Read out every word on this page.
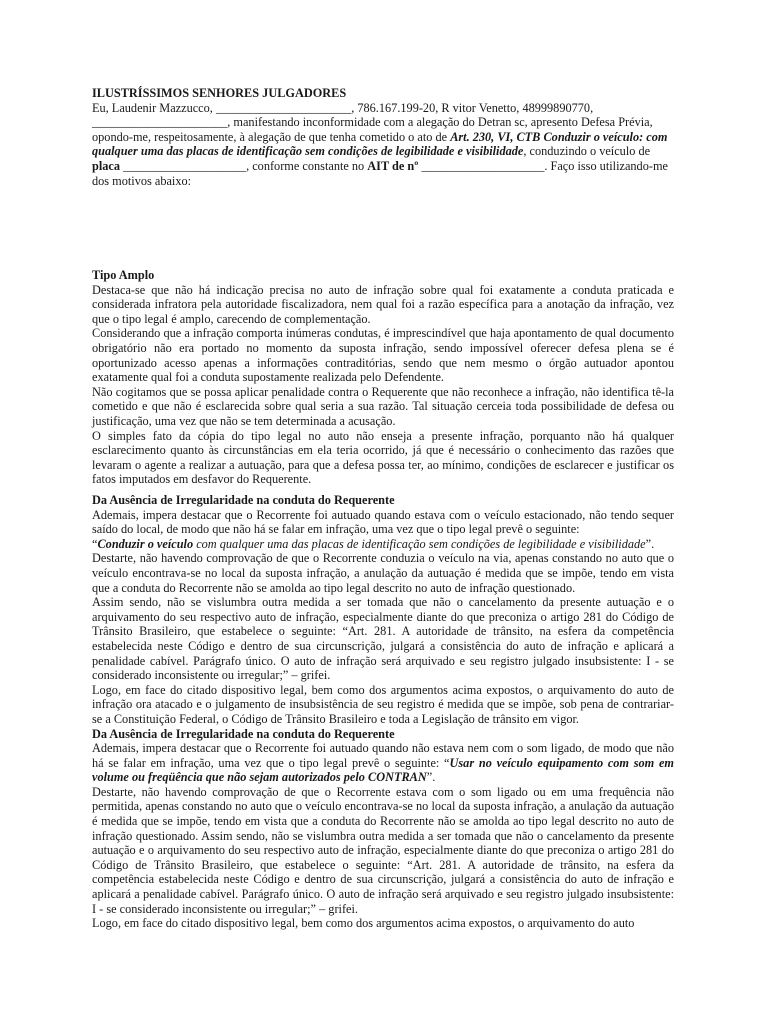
ILUSTRÍSSIMOS SENHORES JULGADORES

Eu, Laudenir Mazzucco, ______________________, 786.167.199-20, R vitor Venetto, 48999890770, ______________________, manifestando inconformidade com a alegação do Detran sc, apresento Defesa Prévia, opondo-me, respeitosamente, à alegação de que tenha cometido o ato de Art. 230, VI, CTB Conduzir o veículo: com qualquer uma das placas de identificação sem condições de legibilidade e visibilidade, conduzindo o veículo de placa ____________________, conforme constante no AIT de nº ____________________. Faço isso utilizando-me dos motivos abaixo:

Tipo Amplo

Destaca-se que não há indicação precisa no auto de infração sobre qual foi exatamente a conduta praticada e considerada infratora pela autoridade fiscalizadora, nem qual foi a razão específica para a anotação da infração, vez que o tipo legal é amplo, carecendo de complementação.

Considerando que a infração comporta inúmeras condutas, é imprescindível que haja apontamento de qual documento obrigatório não era portado no momento da suposta infração, sendo impossível oferecer defesa plena se é oportunizado acesso apenas a informações contraditórias, sendo que nem mesmo o órgão autuador apontou exatamente qual foi a conduta supostamente realizada pelo Defendente.

Não cogitamos que se possa aplicar penalidade contra o Requerente que não reconhece a infração, não identifica tê-la cometido e que não é esclarecida sobre qual seria a sua razão. Tal situação cerceia toda possibilidade de defesa ou justificação, uma vez que não se tem determinada a acusação.

O simples fato da cópia do tipo legal no auto não enseja a presente infração, porquanto não há qualquer esclarecimento quanto às circunstâncias em ela teria ocorrido, já que é necessário o conhecimento das razões que levaram o agente a realizar a autuação, para que a defesa possa ter, ao mínimo, condições de esclarecer e justificar os fatos imputados em desfavor do Requerente.

Da Ausência de Irregularidade na conduta do Requerente

Ademais, impera destacar que o Recorrente foi autuado quando estava com o veículo estacionado, não tendo sequer saído do local, de modo que não há se falar em infração, uma vez que o tipo legal prevê o seguinte:

“Conduzir o veículo com qualquer uma das placas de identificação sem condições de legibilidade e visibilidade”.

Destarte, não havendo comprovação de que o Recorrente conduzia o veículo na via, apenas constando no auto que o veículo encontrava-se no local da suposta infração, a anulação da autuação é medida que se impõe, tendo em vista que a conduta do Recorrente não se amolda ao tipo legal descrito no auto de infração questionado.

Assim sendo, não se vislumbra outra medida a ser tomada que não o cancelamento da presente autuação e o arquivamento do seu respectivo auto de infração, especialmente diante do que preconiza o artigo 281 do Código de Trânsito Brasileiro, que estabelece o seguinte: “Art. 281. A autoridade de trânsito, na esfera da competência estabelecida neste Código e dentro de sua circunscrição, julgará a consistência do auto de infração e aplicará a penalidade cabível. Parágrafo único. O auto de infração será arquivado e seu registro julgado insubsistente: I - se considerado inconsistente ou irregular;” – grifei.

Logo, em face do citado dispositivo legal, bem como dos argumentos acima expostos, o arquivamento do auto de infração ora atacado e o julgamento de insubsistência de seu registro é medida que se impõe, sob pena de contrariar-se a Constituição Federal, o Código de Trânsito Brasileiro e toda a Legislação de trânsito em vigor.

Da Ausência de Irregularidade na conduta do Requerente

Ademais, impera destacar que o Recorrente foi autuado quando não estava nem com o som ligado, de modo que não há se falar em infração, uma vez que o tipo legal prevê o seguinte: “Usar no veículo equipamento com som em volume ou freqüência que não sejam autorizados pelo CONTRAN”.

Destarte, não havendo comprovação de que o Recorrente estava com o som ligado ou em uma frequência não permitida, apenas constando no auto que o veículo encontrava-se no local da suposta infração, a anulação da autuação é medida que se impõe, tendo em vista que a conduta do Recorrente não se amolda ao tipo legal descrito no auto de infração questionado. Assim sendo, não se vislumbra outra medida a ser tomada que não o cancelamento da presente autuação e o arquivamento do seu respectivo auto de infração, especialmente diante do que preconiza o artigo 281 do Código de Trânsito Brasileiro, que estabelece o seguinte: “Art. 281. A autoridade de trânsito, na esfera da competência estabelecida neste Código e dentro de sua circunscrição, julgará a consistência do auto de infração e aplicará a penalidade cabível. Parágrafo único. O auto de infração será arquivado e seu registro julgado insubsistente: I - se considerado inconsistente ou irregular;” – grifei.

Logo, em face do citado dispositivo legal, bem como dos argumentos acima expostos, o arquivamento do auto
